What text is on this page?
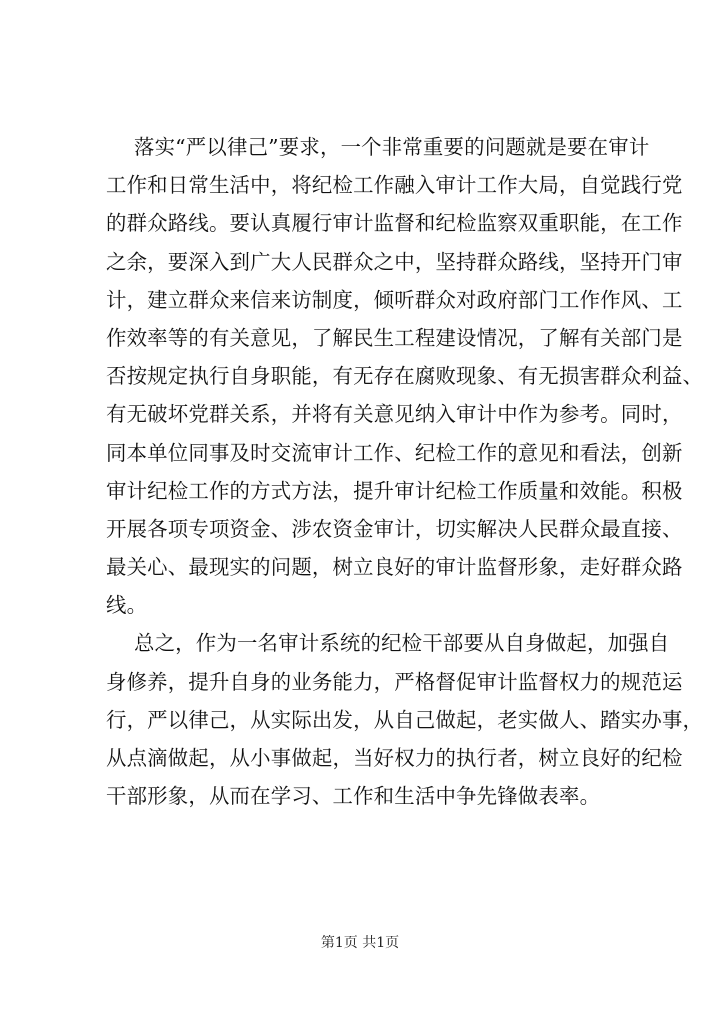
落实“严以律己”要求，一个非常重要的问题就是要在审计
工作和日常生活中，将纪检工作融入审计工作大局，自觉践行党
的群众路线。要认真履行审计监督和纪检监察双重职能，在工作
之余，要深入到广大人民群众之中，坚持群众路线，坚持开门审
计，建立群众来信来访制度，倾听群众对政府部门工作作风、工
作效率等的有关意见，了解民生工程建设情况，了解有关部门是
否按规定执行自身职能，有无存在腐败现象、有无损害群众利益、
有无破坏党群关系，并将有关意见纳入审计中作为参考。同时，
同本单位同事及时交流审计工作、纪检工作的意见和看法，创新
审计纪检工作的方式方法，提升审计纪检工作质量和效能。积极
开展各项专项资金、涉农资金审计，切实解决人民群众最直接、
最关心、最现实的问题，树立良好的审计监督形象，走好群众路
线。
总之，作为一名审计系统的纪检干部要从自身做起，加强自
身修养，提升自身的业务能力，严格督促审计监督权力的规范运
行，严以律己，从实际出发，从自己做起，老实做人、踏实办事，
从点滴做起，从小事做起，当好权力的执行者，树立良好的纪检
干部形象，从而在学习、工作和生活中争先锋做表率。
第1页 共1页
